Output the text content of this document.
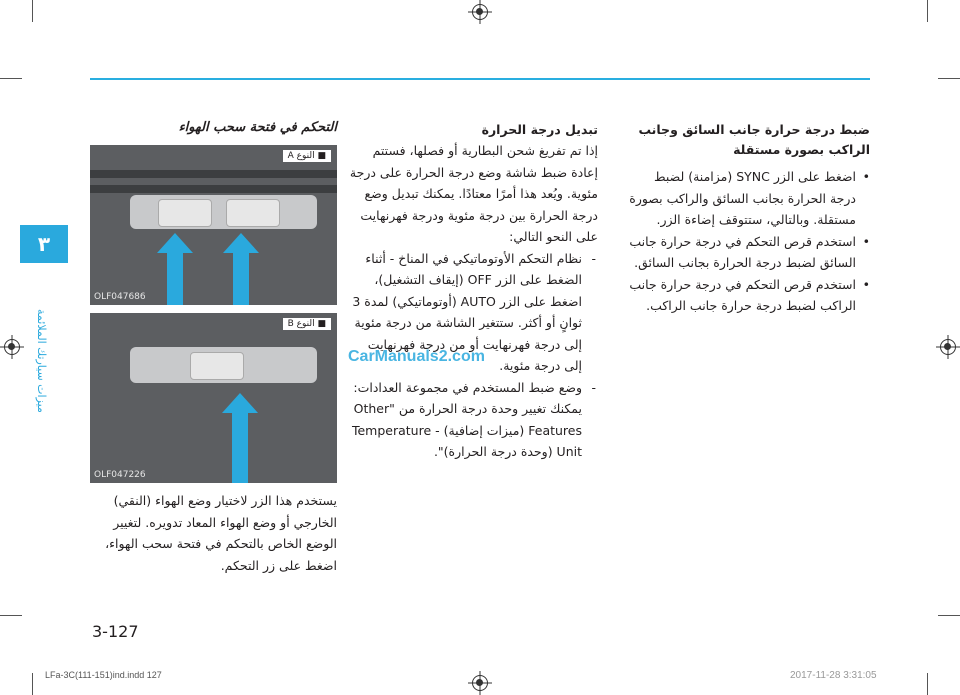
٣
ميزات سيارتك الملائمة
ضبط درجة حرارة جانب السائق وجانب الراكب بصورة مستقلة

• اضغط على الزر SYNC (مزامنة) لضبط درجة الحرارة بجانب السائق والراكب بصورة مستقلة. وبالتالي، ستتوقف إضاءة الزر.

• استخدم قرص التحكم في درجة حرارة جانب السائق لضبط درجة الحرارة بجانب السائق.

• استخدم قرص التحكم في درجة حرارة جانب الراكب لضبط درجة حرارة جانب الراكب.

تبديل درجة الحرارة

إذا تم تفريغ شحن البطارية أو فصلها، فستتم إعادة ضبط شاشة وضع درجة الحرارة على درجة مئوية. ويُعد هذا أمرًا معتادًا. يمكنك تبديل وضع درجة الحرارة بين درجة مئوية ودرجة فهرنهايت على النحو التالي:

- نظام التحكم الأوتوماتيكي في المناخ - أثناء الضغط على الزر OFF (إيقاف التشغيل)، اضغط على الزر AUTO (أوتوماتيكي) لمدة 3 ثوانٍ أو أكثر. ستتغير الشاشة من درجة مئوية إلى درجة فهرنهايت أو من درجة فهرنهايت إلى درجة مئوية.

- وضع ضبط المستخدم في مجموعة العدادات: يمكنك تغيير وحدة درجة الحرارة من "Other Features (ميزات إضافية) - Temperature Unit (وحدة درجة الحرارة)".

التحكم في فتحة سحب الهواء
■ النوع A
OLF047686
■ النوع B
OLF047226
يستخدم هذا الزر لاختيار وضع الهواء (النقي) الخارجي أو وضع الهواء المعاد تدويره. لتغيير الوضع الخاص بالتحكم في فتحة سحب الهواء، اضغط على زر التحكم.
CarManuals2.com
3-127
LFa-3C(111-151)ind.indd 127	2017-11-28 3:31:05
